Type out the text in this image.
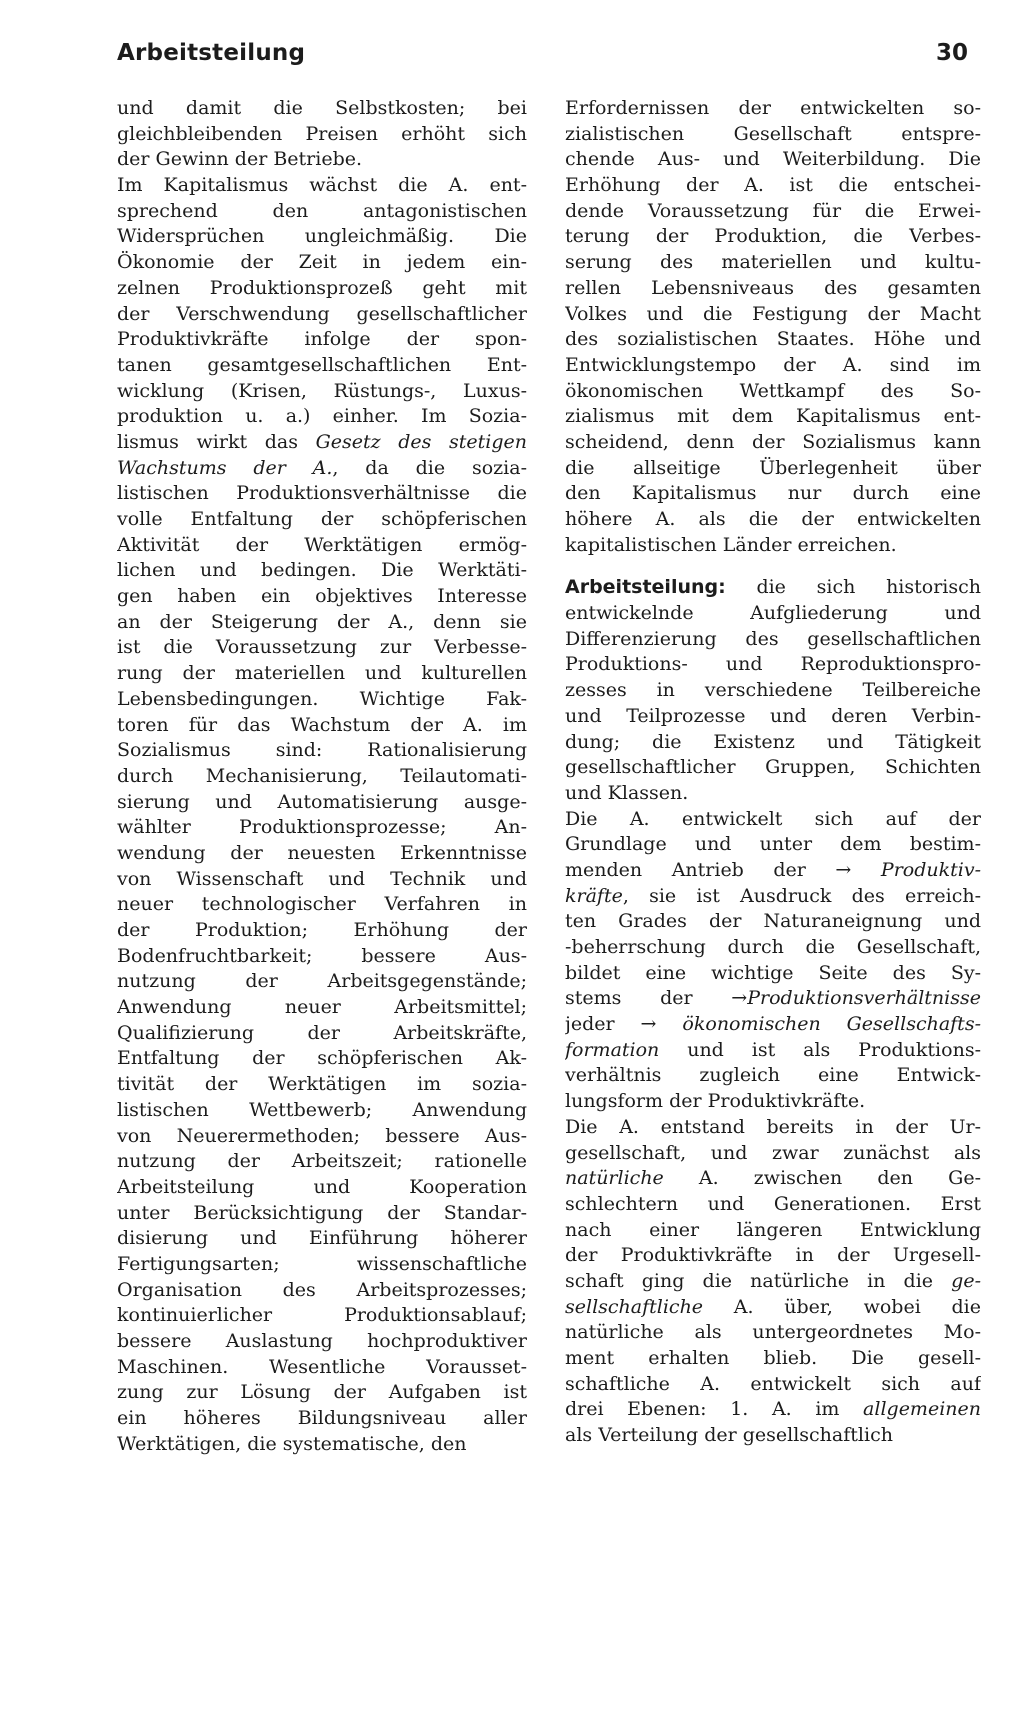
Arbeitsteilung	30
und damit die Selbstkosten; bei
gleichbleibenden Preisen erhöht sich
der Gewinn der Betriebe.
Im Kapitalismus wächst die A. ent-
sprechend den antagonistischen
Widersprüchen ungleichmäßig. Die
Ökonomie der Zeit in jedem ein-
zelnen Produktionsprozeß geht mit
der Verschwendung gesellschaftlicher
Produktivkräfte infolge der spon-
tanen gesamtgesellschaftlichen Ent-
wicklung (Krisen, Rüstungs-, Luxus-
produktion u. a.) einher. Im Sozia-
lismus wirkt das Gesetz des stetigen
Wachstums der A., da die sozia-
listischen Produktionsverhältnisse die
volle Entfaltung der schöpferischen
Aktivität der Werktätigen ermög-
lichen und bedingen. Die Werktäti-
gen haben ein objektives Interesse
an der Steigerung der A., denn sie
ist die Voraussetzung zur Verbesse-
rung der materiellen und kulturellen
Lebensbedingungen. Wichtige Fak-
toren für das Wachstum der A. im
Sozialismus sind: Rationalisierung
durch Mechanisierung, Teilautomati-
sierung und Automatisierung ausge-
wählter Produktionsprozesse; An-
wendung der neuesten Erkenntnisse
von Wissenschaft und Technik und
neuer technologischer Verfahren in
der Produktion; Erhöhung der
Bodenfruchtbarkeit; bessere Aus-
nutzung der Arbeitsgegenstände;
Anwendung neuer Arbeitsmittel;
Qualifizierung der Arbeitskräfte,
Entfaltung der schöpferischen Ak-
tivität der Werktätigen im sozia-
listischen Wettbewerb; Anwendung
von Neuerermethoden; bessere Aus-
nutzung der Arbeitszeit; rationelle
Arbeitsteilung und Kooperation
unter Berücksichtigung der Standar-
disierung und Einführung höherer
Fertigungsarten; wissenschaftliche
Organisation des Arbeitsprozesses;
kontinuierlicher Produktionsablauf;
bessere Auslastung hochproduktiver
Maschinen. Wesentliche Vorausset-
zung zur Lösung der Aufgaben ist
ein höheres Bildungsniveau aller
Werktätigen, die systematische, den
Erfordernissen der entwickelten so-
zialistischen Gesellschaft entspre-
chende Aus- und Weiterbildung. Die
Erhöhung der A. ist die entschei-
dende Voraussetzung für die Erwei-
terung der Produktion, die Verbes-
serung des materiellen und kultu-
rellen Lebensniveaus des gesamten
Volkes und die Festigung der Macht
des sozialistischen Staates. Höhe und
Entwicklungstempo der A. sind im
ökonomischen Wettkampf des So-
zialismus mit dem Kapitalismus ent-
scheidend, denn der Sozialismus kann
die allseitige Überlegenheit über
den Kapitalismus nur durch eine
höhere A. als die der entwickelten
kapitalistischen Länder erreichen.
Arbeitsteilung: die sich historisch
entwickelnde Aufgliederung und
Differenzierung des gesellschaftlichen
Produktions- und Reproduktionspro-
zesses in verschiedene Teilbereiche
und Teilprozesse und deren Verbin-
dung; die Existenz und Tätigkeit
gesellschaftlicher Gruppen, Schichten
und Klassen.
Die A. entwickelt sich auf der
Grundlage und unter dem bestim-
menden Antrieb der → Produktiv-
kräfte, sie ist Ausdruck des erreich-
ten Grades der Naturaneignung und
-beherrschung durch die Gesellschaft,
bildet eine wichtige Seite des Sy-
stems der →Produktionsverhältnisse
jeder → ökonomischen Gesellschafts-
formation und ist als Produktions-
verhältnis zugleich eine Entwick-
lungsform der Produktivkräfte.
Die A. entstand bereits in der Ur-
gesellschaft, und zwar zunächst als
natürliche A. zwischen den Ge-
schlechtern und Generationen. Erst
nach einer längeren Entwicklung
der Produktivkräfte in der Urgesell-
schaft ging die natürliche in die ge-
sellschaftliche A. über, wobei die
natürliche als untergeordnetes Mo-
ment erhalten blieb. Die gesell-
schaftliche A. entwickelt sich auf
drei Ebenen: 1. A. im allgemeinen
als Verteilung der gesellschaftlich
